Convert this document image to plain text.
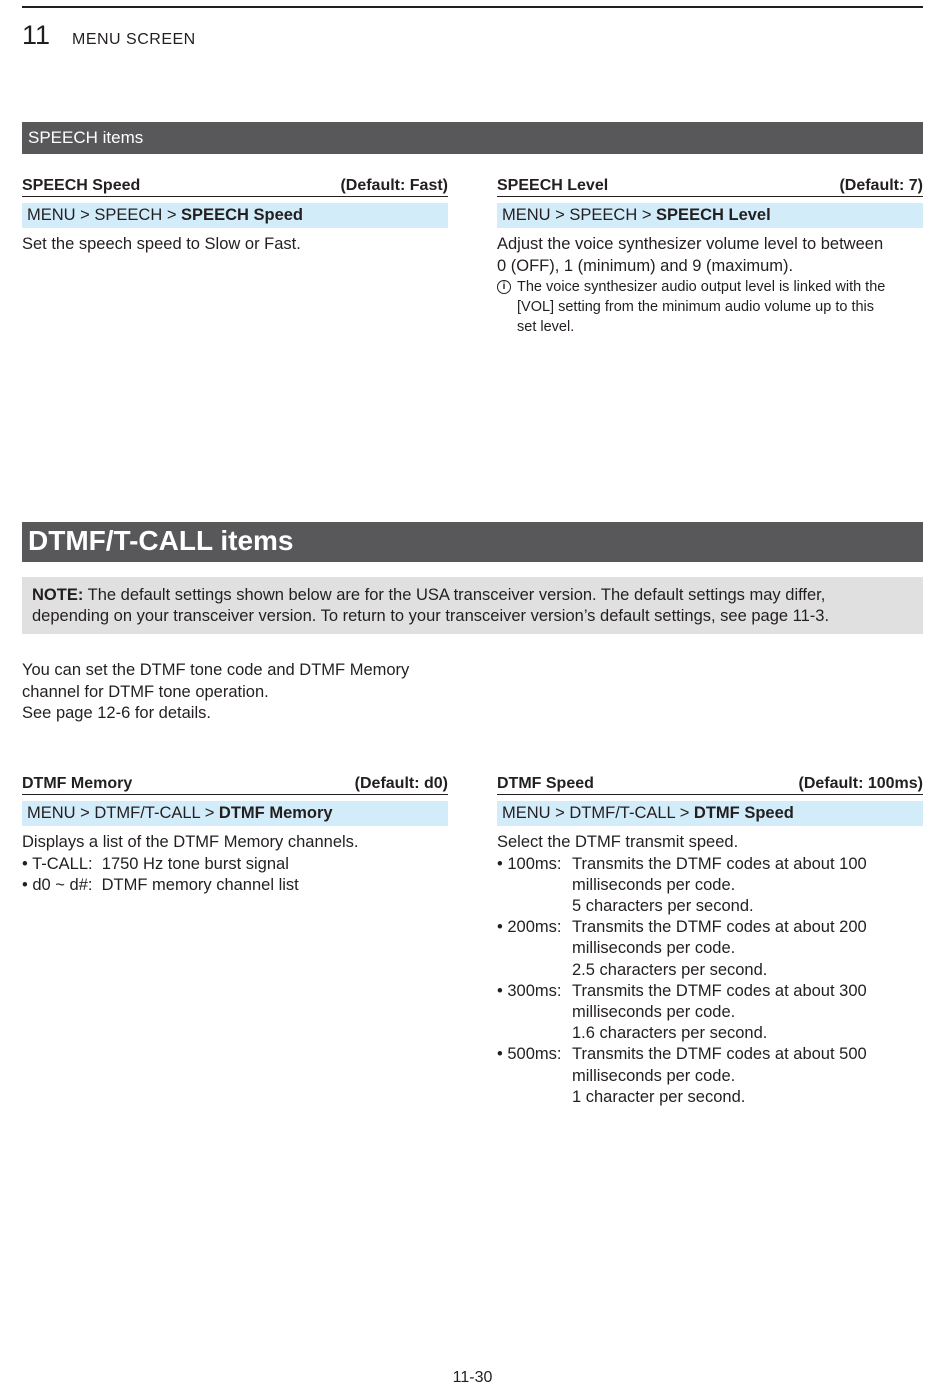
11 MENU SCREEN
SPEECH items
SPEECH Speed	(Default: Fast)
MENU > SPEECH > SPEECH Speed
Set the speech speed to Slow or Fast.
SPEECH Level	(Default: 7)
MENU > SPEECH > SPEECH Level
Adjust the voice synthesizer volume level to between
0 (OFF), 1 (minimum) and 9 (maximum).
i The voice synthesizer audio output level is linked with the
[VOL] setting from the minimum audio volume up to this
set level.
DTMF/T-CALL items
NOTE: The default settings shown below are for the USA transceiver version. The default settings may differ,
depending on your transceiver version. To return to your transceiver version’s default settings, see page 11-3.
You can set the DTMF tone code and DTMF Memory
channel for DTMF tone operation.
See page 12-6 for details.
DTMF Memory	(Default: d0)
MENU > DTMF/T-CALL > DTMF Memory
Displays a list of the DTMF Memory channels.
• T-CALL: 1750 Hz tone burst signal
• d0 ~ d#: DTMF memory channel list
DTMF Speed	(Default: 100ms)
MENU > DTMF/T-CALL > DTMF Speed
Select the DTMF transmit speed.
• 100ms: Transmits the DTMF codes at about 100
milliseconds per code.
5 characters per second.
• 200ms: Transmits the DTMF codes at about 200
milliseconds per code.
2.5 characters per second.
• 300ms: Transmits the DTMF codes at about 300
milliseconds per code.
1.6 characters per second.
• 500ms: Transmits the DTMF codes at about 500
milliseconds per code.
1 character per second.
11-30
